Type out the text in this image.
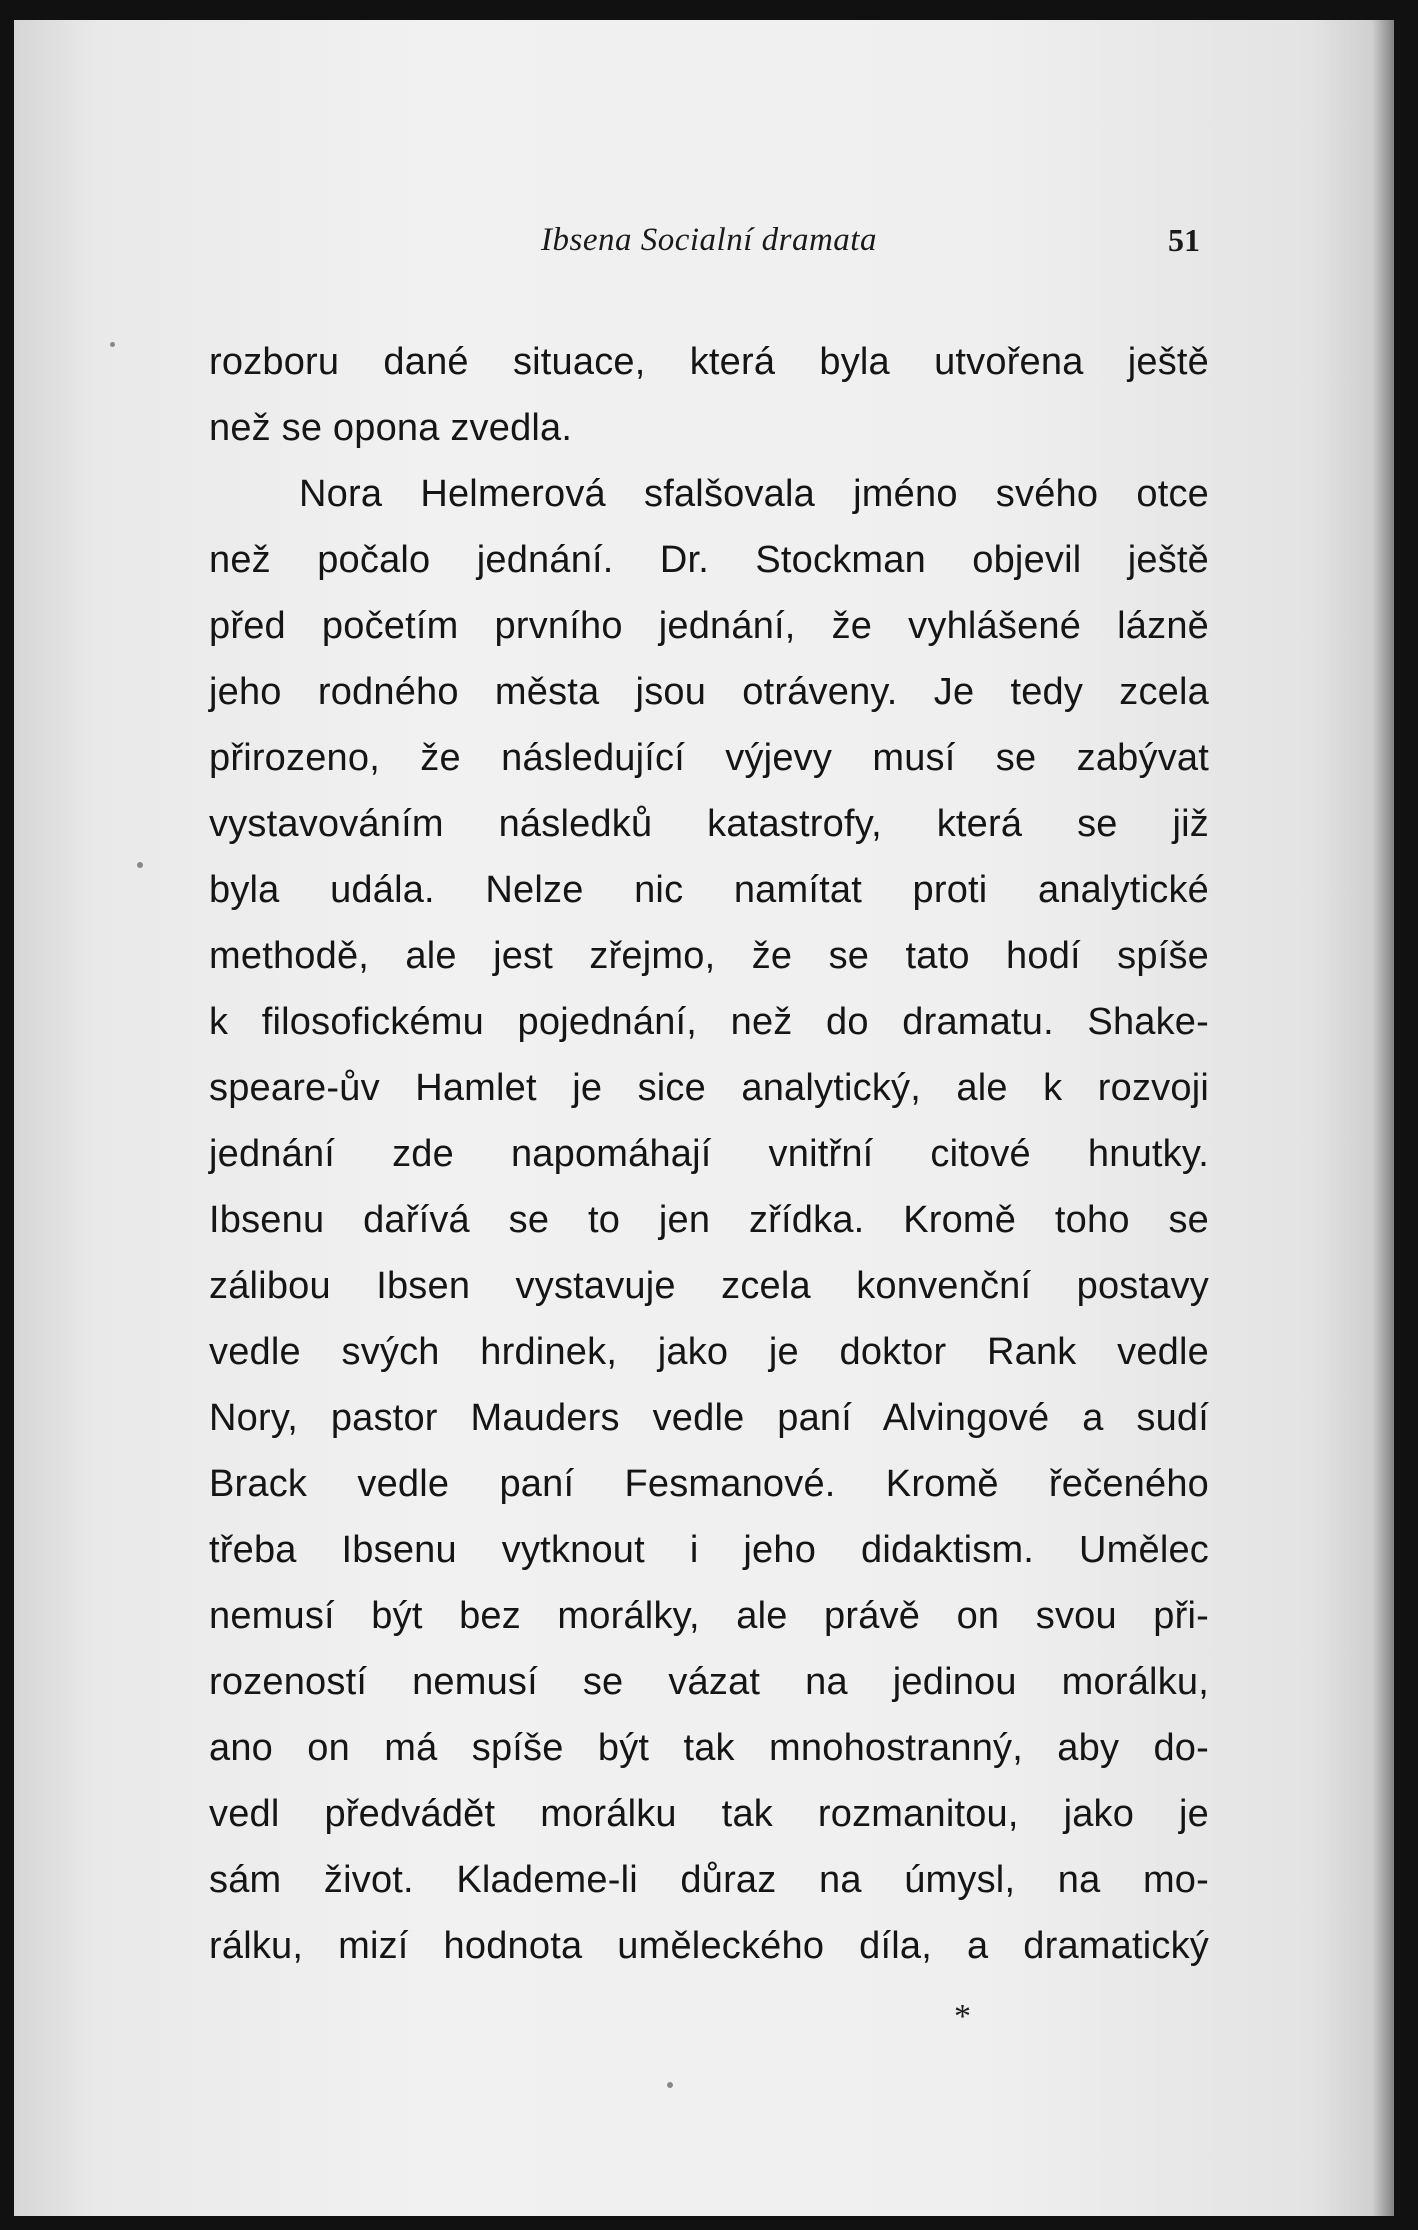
Ibsena Socialní dramata	51
rozboru dané situace, která byla utvořena ještě
než se opona zvedla.
Nora Helmerová sfalšovala jméno svého otce
než počalo jednání. Dr. Stockman objevil ještě
před početím prvního jednání, že vyhlášené lázně
jeho rodného města jsou otráveny. Je tedy zcela
přirozeno, že následující výjevy musí se zabývat
vystavováním následků katastrofy, která se již
byla udála. Nelze nic namítat proti analytické
methodě, ale jest zřejmo, že se tato hodí spíše
k filosofickému pojednání, než do dramatu. Shake-
speare-ův Hamlet je sice analytický, ale k rozvoji
jednání zde napomáhají vnitřní citové hnutky.
Ibsenu dařívá se to jen zřídka. Kromě toho se
zálibou Ibsen vystavuje zcela konvenční postavy
vedle svých hrdinek, jako je doktor Rank vedle
Nory, pastor Mauders vedle paní Alvingové a sudí
Brack vedle paní Fesmanové. Kromě řečeného
třeba Ibsenu vytknout i jeho didaktism. Umělec
nemusí být bez morálky, ale právě on svou při-
rozeností nemusí se vázat na jedinou morálku,
ano on má spíše být tak mnohostranný, aby do-
vedl předvádět morálku tak rozmanitou, jako je
sám život. Klademe-li důraz na úmysl, na mo-
rálku, mizí hodnota uměleckého díla, a dramatický
*
